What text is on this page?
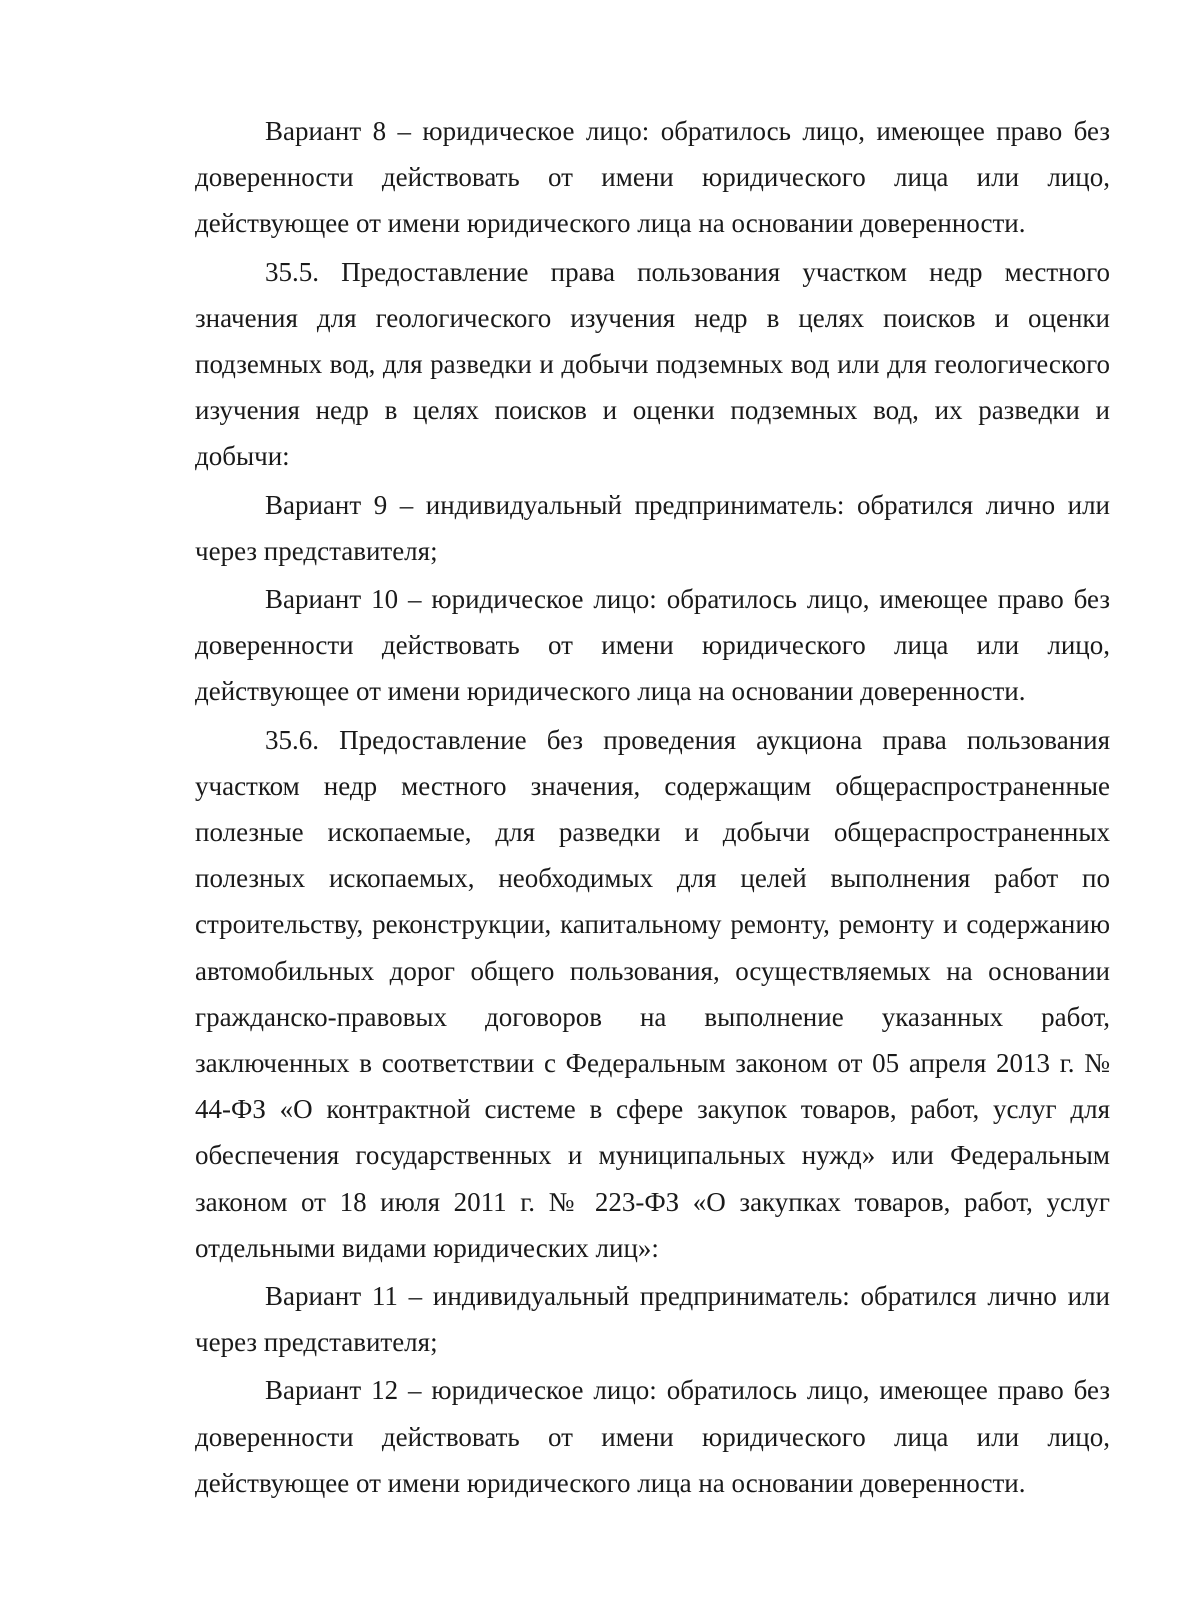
Вариант 8 – юридическое лицо: обратилось лицо, имеющее право без доверенности действовать от имени юридического лица или лицо, действующее от имени юридического лица на основании доверенности.

35.5. Предоставление права пользования участком недр местного значения для геологического изучения недр в целях поисков и оценки подземных вод, для разведки и добычи подземных вод или для геологического изучения недр в целях поисков и оценки подземных вод, их разведки и добычи:

Вариант 9 – индивидуальный предприниматель: обратился лично или через представителя;

Вариант 10 – юридическое лицо: обратилось лицо, имеющее право без доверенности действовать от имени юридического лица или лицо, действующее от имени юридического лица на основании доверенности.

35.6. Предоставление без проведения аукциона права пользования участком недр местного значения, содержащим общераспространенные полезные ископаемые, для разведки и добычи общераспространенных полезных ископаемых, необходимых для целей выполнения работ по строительству, реконструкции, капитальному ремонту, ремонту и содержанию автомобильных дорог общего пользования, осуществляемых на основании гражданско-правовых договоров на выполнение указанных работ, заключенных в соответствии с Федеральным законом от 05 апреля 2013 г. № 44-ФЗ «О контрактной системе в сфере закупок товаров, работ, услуг для обеспечения государственных и муниципальных нужд» или Федеральным законом от 18 июля 2011 г. № 223-ФЗ «О закупках товаров, работ, услуг отдельными видами юридических лиц»:

Вариант 11 – индивидуальный предприниматель: обратился лично или через представителя;

Вариант 12 – юридическое лицо: обратилось лицо, имеющее право без доверенности действовать от имени юридического лица или лицо, действующее от имени юридического лица на основании доверенности.
